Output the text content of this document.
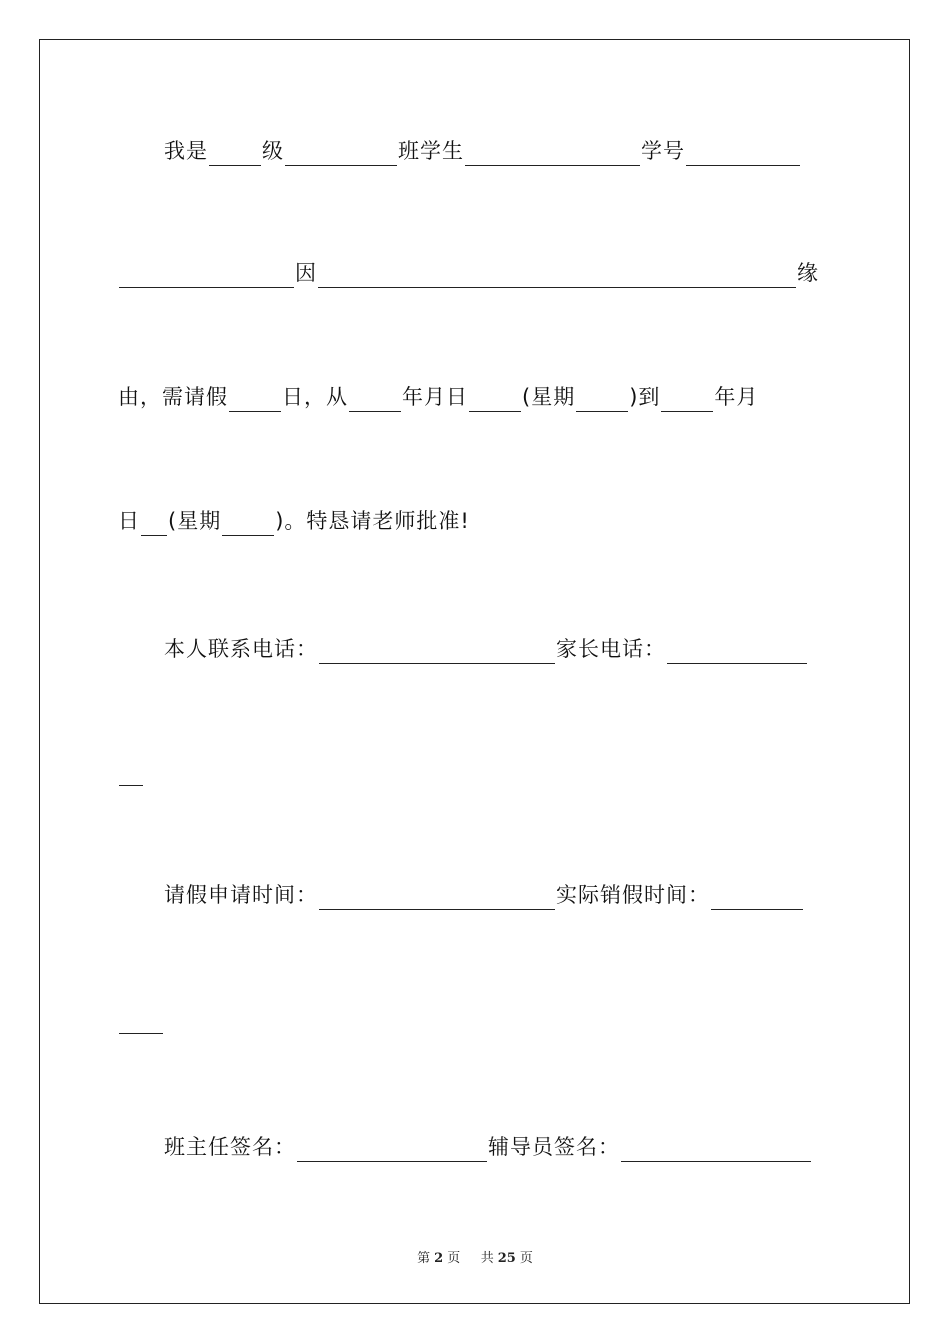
我是	级	班学生	学号
因	缘
由，需请假	日，从	年月日	(星期	)到	年月
日 (星期	)。特恳请老师批准!
本人联系电话：	家长电话：
请假申请时间：	实际销假时间：
班主任签名：	辅导员签名：
第 2 页 共 25 页
